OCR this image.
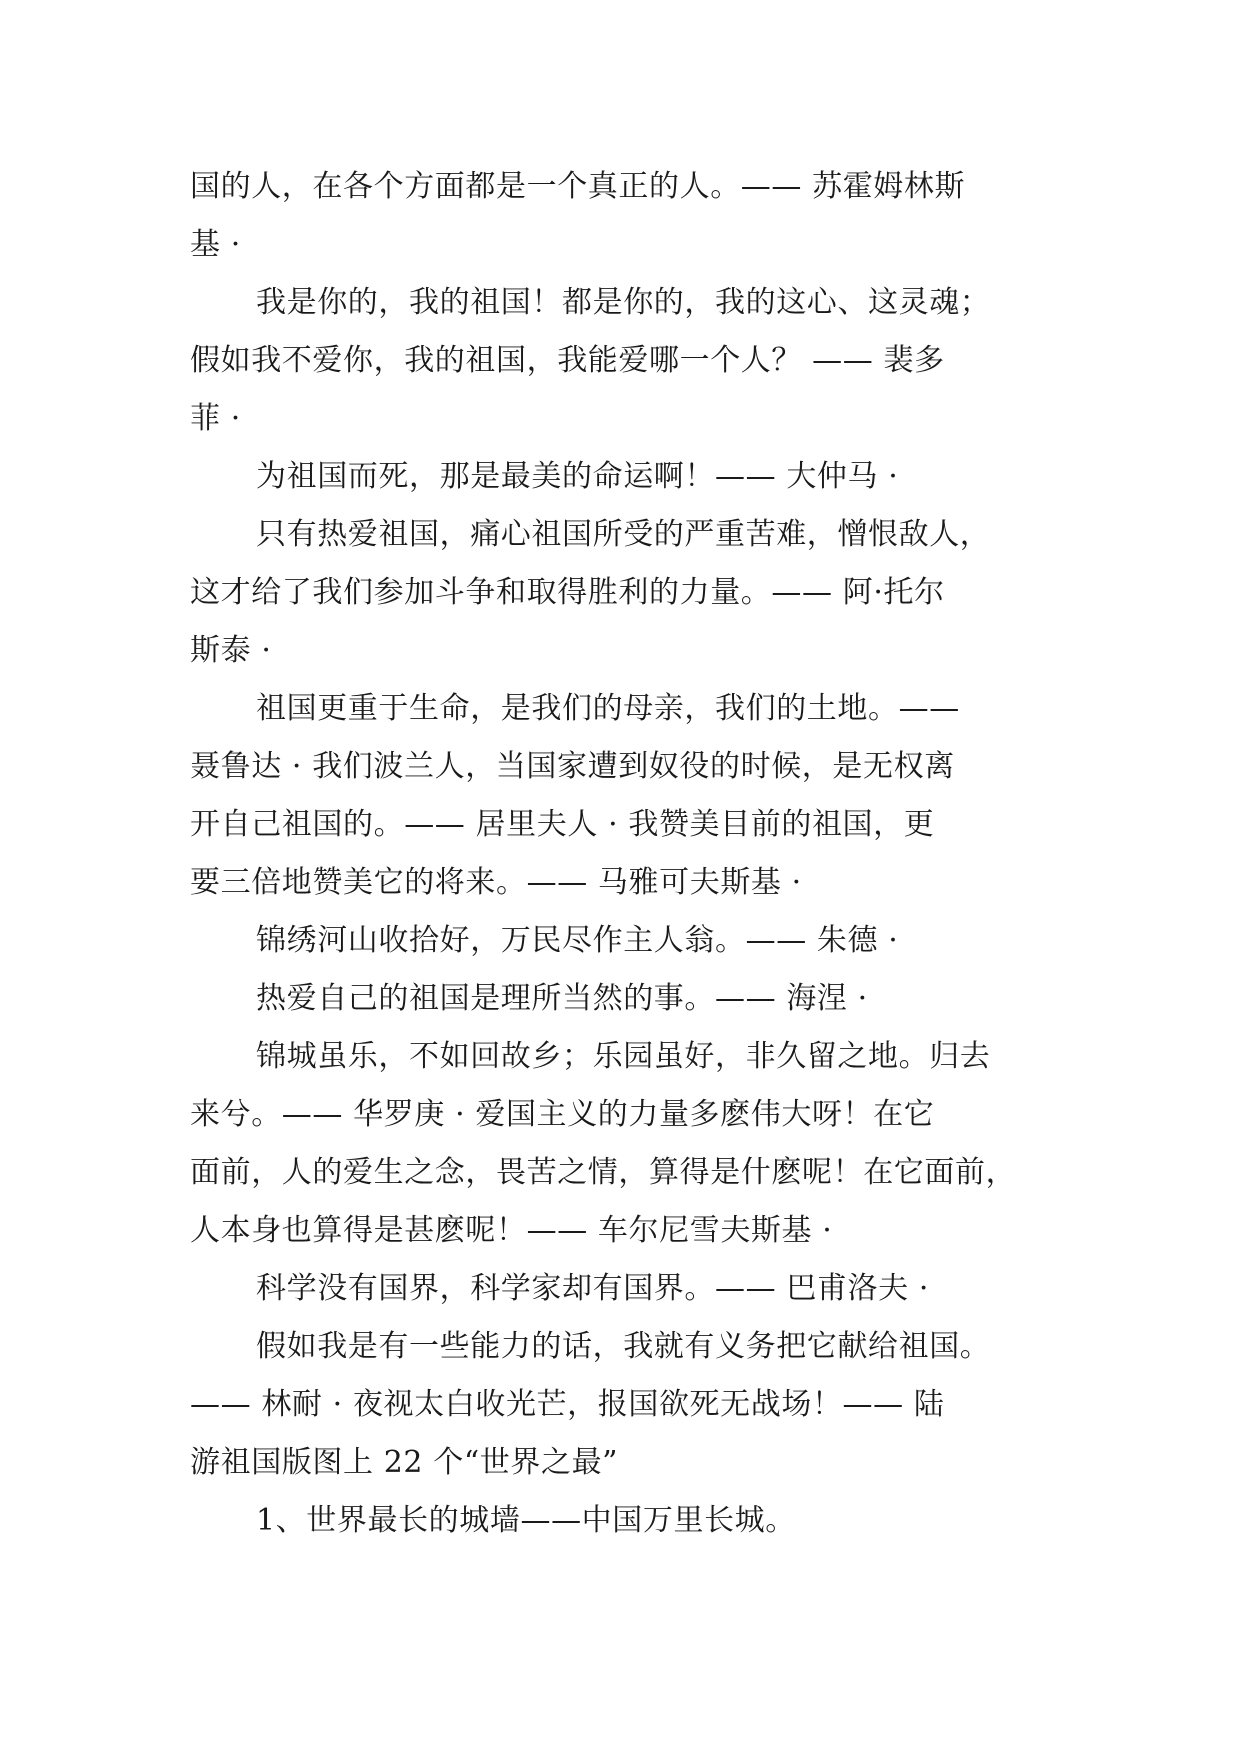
国的人，在各个方面都是一个真正的人。—— 苏霍姆林斯
基 ·
我是你的，我的祖国！都是你的，我的这心、这灵魂；
假如我不爱你，我的祖国，我能爱哪一个人？ —— 裴多
菲 ·
为祖国而死，那是最美的命运啊！—— 大仲马 ·
只有热爱祖国，痛心祖国所受的严重苦难，憎恨敌人，
这才给了我们参加斗争和取得胜利的力量。—— 阿·托尔
斯泰 ·
祖国更重于生命，是我们的母亲，我们的土地。——
聂鲁达 · 我们波兰人，当国家遭到奴役的时候，是无权离
开自己祖国的。—— 居里夫人 · 我赞美目前的祖国，更
要三倍地赞美它的将来。—— 马雅可夫斯基 ·
锦绣河山收拾好，万民尽作主人翁。—— 朱德 ·
热爱自己的祖国是理所当然的事。—— 海涅 ·
锦城虽乐，不如回故乡；乐园虽好，非久留之地。归去
来兮。—— 华罗庚 · 爱国主义的力量多麽伟大呀！在它
面前，人的爱生之念，畏苦之情，算得是什麽呢！在它面前，
人本身也算得是甚麽呢！—— 车尔尼雪夫斯基 ·
科学没有国界，科学家却有国界。—— 巴甫洛夫 ·
假如我是有一些能力的话，我就有义务把它献给祖国。
—— 林耐 · 夜视太白收光芒，报国欲死无战场！—— 陆
游祖国版图上 22 个“世界之最”
1、世界最长的城墙——中国万里长城。
